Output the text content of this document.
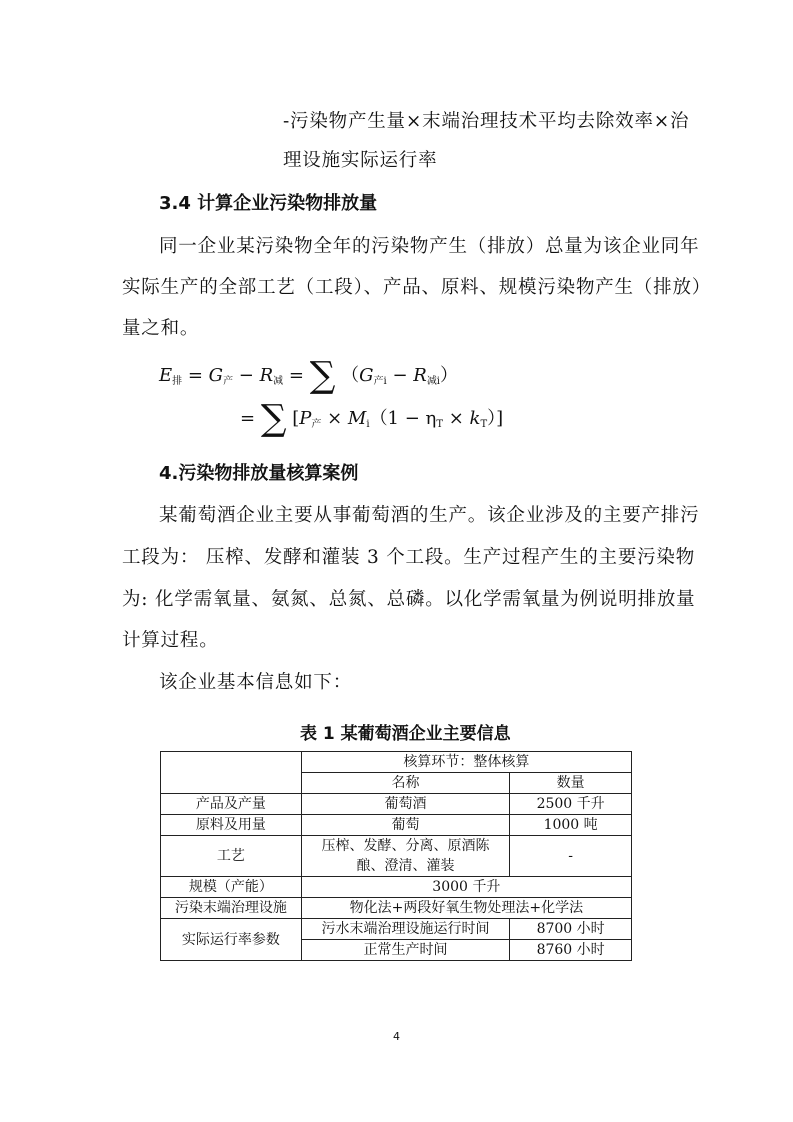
-污染物产生量×末端治理技术平均去除效率×治
理设施实际运行率
3.4 计算企业污染物排放量
同一企业某污染物全年的污染物产生（排放）总量为该企业同年
实际生产的全部工艺（工段）、产品、原料、规模污染物产生（排放）
量之和。
$E_排 = G_产 - R_减$ = ∑ $(G_{产i} - R_{减i})$
= ∑ $[P_产 \times M_i(1 - \eta_T \times k_T)]$
4.污染物排放量核算案例
某葡萄酒企业主要从事葡萄酒的生产。该企业涉及的主要产排污
工段为： 压榨、发酵和灌装 3 个工段。生产过程产生的主要污染物
为: 化学需氧量、氨氮、总氮、总磷。以化学需氧量为例说明排放量
计算过程。
该企业基本信息如下：
表 1 某葡萄酒企业主要信息
	核算环节：整体核算	
	名称	数量
产品及产量	葡萄酒	2500 千升
原料及用量	葡萄	1000 吨
工艺	压榨、发酵、分离、原酒陈
酿、澄清、灌装	-
规模（产能）	3000 千升	
污染末端治理设施	物化法+两段好氧生物处理法+化学法	
实际运行率参数	污水末端治理设施运行时间	8700 小时
	正常生产时间	8760 小时
4
